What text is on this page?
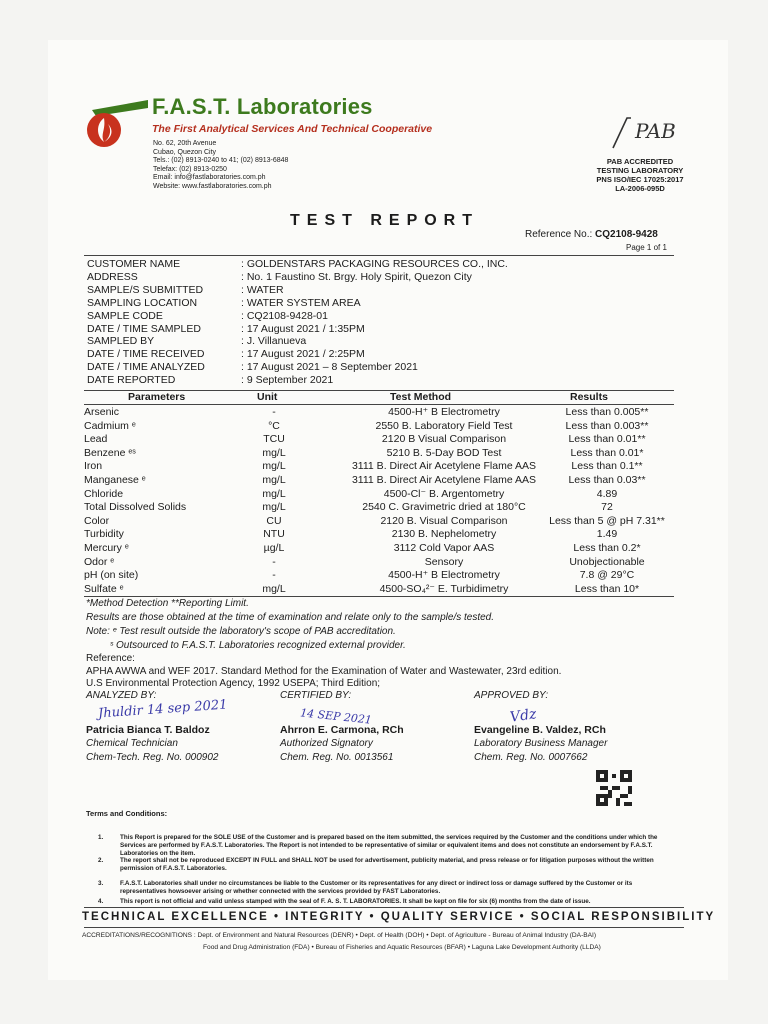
F.A.S.T. Laboratories
The First Analytical Services And Technical Cooperative
No. 62, 20th Avenue
Cubao, Quezon City
Tels.: (02) 8913-0240 to 41; (02) 8913-6848
Telefax: (02) 8913-0250
Email: info@fastlaboratories.com.ph
Website: www.fastlaboratories.com.ph
PAB
PAB ACCREDITED
TESTING LABORATORY
PNS ISO/IEC 17025:2017
LA-2006-095D
TEST REPORT
Reference No.: CQ2108-9428
Page 1 of 1
CUSTOMER NAME	: GOLDENSTARS PACKAGING RESOURCES CO., INC.
ADDRESS	: No. 1 Faustino St. Brgy. Holy Spirit, Quezon City
SAMPLE/S SUBMITTED	: WATER
SAMPLING LOCATION	: WATER SYSTEM AREA
SAMPLE CODE	: CQ2108-9428-01
DATE / TIME SAMPLED	: 17 August 2021 / 1:35PM
SAMPLED BY	: J. Villanueva
DATE / TIME RECEIVED	: 17 August 2021 / 2:25PM
DATE / TIME ANALYZED	: 17 August 2021 – 8 September 2021
DATE REPORTED	: 9 September 2021
Parameters	Unit	Test Method	Results
Arsenic	-	4500-H⁺ B Electrometry	Less than 0.005**
Cadmium ᵉ	°C	2550 B. Laboratory Field Test	Less than 0.003**
Lead	TCU	2120 B Visual Comparison	Less than 0.01**
Benzene ᵉˢ	mg/L	5210 B. 5-Day BOD Test	Less than 0.01*
Iron	mg/L	3111 B. Direct Air Acetylene Flame AAS	Less than 0.1**
Manganese ᵉ	mg/L	3111 B. Direct Air Acetylene Flame AAS	Less than 0.03**
Chloride	mg/L	4500-Cl⁻ B. Argentometry	4.89
Total Dissolved Solids	mg/L	2540 C. Gravimetric dried at 180°C	72
Color	CU	2120 B. Visual Comparison	Less than 5 @ pH 7.31**
Turbidity	NTU	2130 B. Nephelometry	1.49
Mercury ᵉ	µg/L	3112 Cold Vapor AAS	Less than 0.2*
Odor ᵉ	-	Sensory	Unobjectionable
pH (on site)	-	4500-H⁺ B Electrometry	7.8 @ 29°C
Sulfate ᵉ	mg/L	4500-SO₄²⁻ E. Turbidimetry	Less than 10*
*Method Detection **Reporting Limit.
Results are those obtained at the time of examination and relate only to the sample/s tested.
Note: ᵉ Test result outside the laboratory's scope of PAB accreditation.
ˢ Outsourced to F.A.S.T. Laboratories recognized external provider.
Reference:
APHA AWWA and WEF 2017. Standard Method for the Examination of Water and Wastewater, 23rd edition.
U.S Environmental Protection Agency, 1992 USEPA; Third Edition;
ANALYZED BY:	CERTIFIED BY:	APPROVED BY:
Jhuldir 14 sep 2021	14 SEP 2021	Vdz
Patricia Bianca T. Baldoz	Ahrron E. Carmona, RCh	Evangeline B. Valdez, RCh
Chemical Technician	Authorized Signatory	Laboratory Business Manager
Chem-Tech. Reg. No. 000902	Chem. Reg. No. 0013561	Chem. Reg. No. 0007662
Terms and Conditions:
1.	This Report is prepared for the SOLE USE of the Customer and is prepared based on the item submitted, the services required by the Customer and the conditions under which the Services are performed by F.A.S.T. Laboratories. The Report is not intended to be representative of similar or equivalent items and does not constitute an endorsement by F.A.S.T. Laboratories on the item.
2.	The report shall not be reproduced EXCEPT IN FULL and SHALL NOT be used for advertisement, publicity material, and press release or for litigation purposes without the written permission of F.A.S.T. Laboratories.
3.	F.A.S.T. Laboratories shall under no circumstances be liable to the Customer or its representatives for any direct or indirect loss or damage suffered by the Customer or its representatives howsoever arising or whether connected with the services provided by FAST Laboratories.
4.	This report is not official and valid unless stamped with the seal of F. A. S. T. LABORATORIES. It shall be kept on file for six (6) months from the date of issue.
TECHNICAL EXCELLENCE • INTEGRITY • QUALITY SERVICE • SOCIAL RESPONSIBILITY
ACCREDITATIONS/RECOGNITIONS : Dept. of Environment and Natural Resources (DENR) • Dept. of Health (DOH) • Dept. of Agriculture - Bureau of Animal Industry (DA-BAI)
Food and Drug Administration (FDA) • Bureau of Fisheries and Aquatic Resources (BFAR) • Laguna Lake Development Authority (LLDA)
